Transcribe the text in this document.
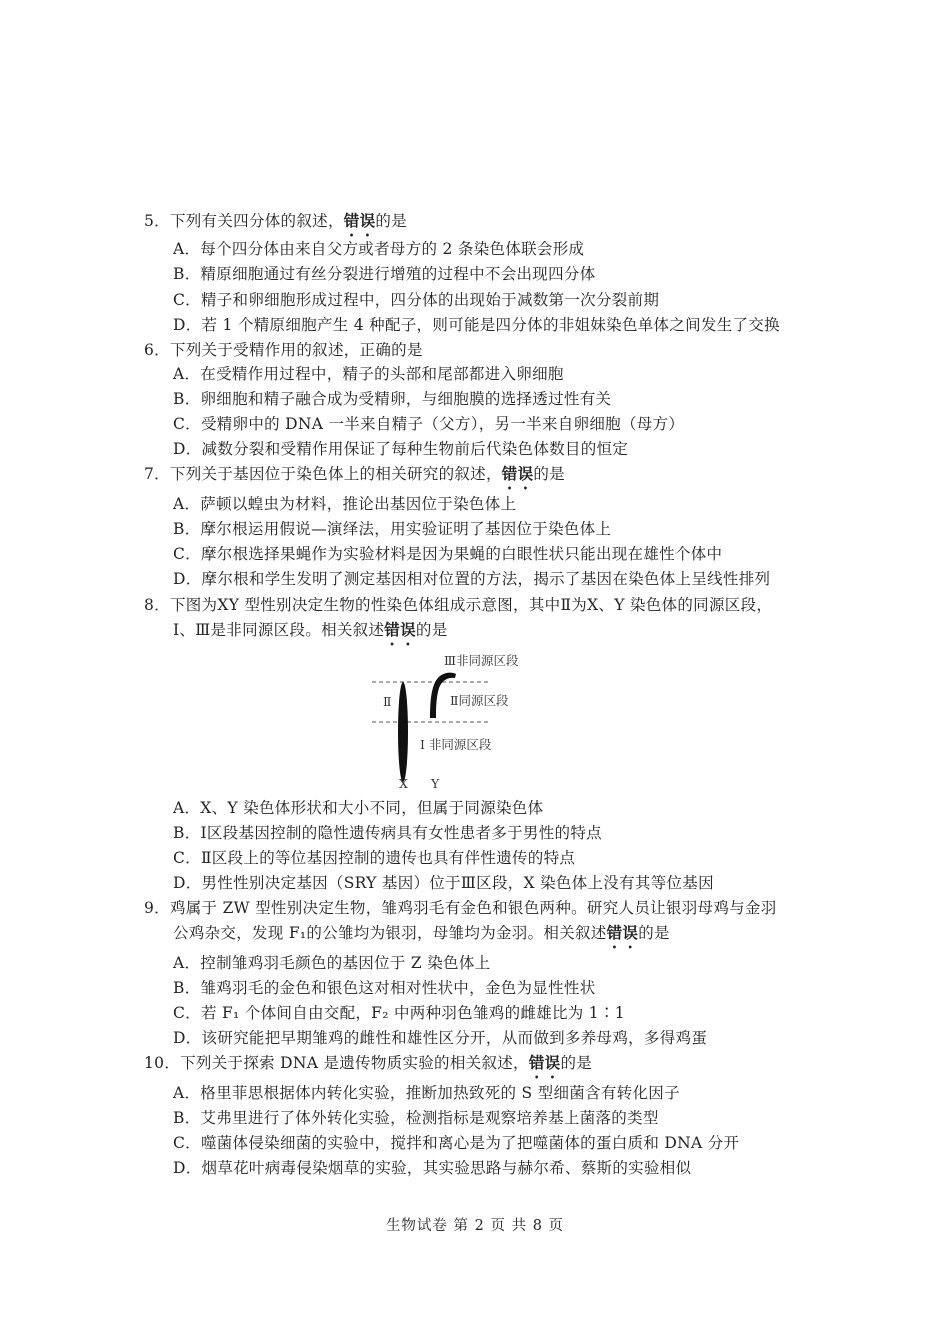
5．下列有关四分体的叙述，错误的是
A．每个四分体由来自父方或者母方的 2 条染色体联会形成
B．精原细胞通过有丝分裂进行增殖的过程中不会出现四分体
C．精子和卵细胞形成过程中，四分体的出现始于减数第一次分裂前期
D．若 1 个精原细胞产生 4 种配子，则可能是四分体的非姐妹染色单体之间发生了交换
6．下列关于受精作用的叙述，正确的是
A．在受精作用过程中，精子的头部和尾部都进入卵细胞
B．卵细胞和精子融合成为受精卵，与细胞膜的选择透过性有关
C．受精卵中的 DNA 一半来自精子（父方），另一半来自卵细胞（母方）
D．减数分裂和受精作用保证了每种生物前后代染色体数目的恒定
7．下列关于基因位于染色体上的相关研究的叙述，错误的是
A．萨顿以蝗虫为材料，推论出基因位于染色体上
B．摩尔根运用假说—演绎法，用实验证明了基因位于染色体上
C．摩尔根选择果蝇作为实验材料是因为果蝇的白眼性状只能出现在雄性个体中
D．摩尔根和学生发明了测定基因相对位置的方法，揭示了基因在染色体上呈线性排列
8．下图为XY 型性别决定生物的性染色体组成示意图，其中Ⅱ为X、Y 染色体的同源区段，
Ⅰ、Ⅲ是非同源区段。相关叙述错误的是
Ⅲ非同源区段
Ⅱ	Ⅱ同源区段
Ⅰ 非同源区段
X Y
A．X、Y 染色体形状和大小不同，但属于同源染色体
B．Ⅰ区段基因控制的隐性遗传病具有女性患者多于男性的特点
C．Ⅱ区段上的等位基因控制的遗传也具有伴性遗传的特点
D．男性性别决定基因（SRY 基因）位于Ⅲ区段，X 染色体上没有其等位基因
9．鸡属于 ZW 型性别决定生物，雏鸡羽毛有金色和银色两种。研究人员让银羽母鸡与金羽
公鸡杂交，发现 F₁的公雏均为银羽，母雏均为金羽。相关叙述错误的是
A．控制雏鸡羽毛颜色的基因位于 Z 染色体上
B．雏鸡羽毛的金色和银色这对相对性状中，金色为显性性状
C．若 F₁ 个体间自由交配，F₂ 中两种羽色雏鸡的雌雄比为 1∶1
D．该研究能把早期雏鸡的雌性和雄性区分开，从而做到多养母鸡，多得鸡蛋
10．下列关于探索 DNA 是遗传物质实验的相关叙述，错误的是
A．格里菲思根据体内转化实验，推断加热致死的 S 型细菌含有转化因子
B．艾弗里进行了体外转化实验，检测指标是观察培养基上菌落的类型
C．噬菌体侵染细菌的实验中，搅拌和离心是为了把噬菌体的蛋白质和 DNA 分开
D．烟草花叶病毒侵染烟草的实验，其实验思路与赫尔希、蔡斯的实验相似
生物试卷 第 2 页 共 8 页
